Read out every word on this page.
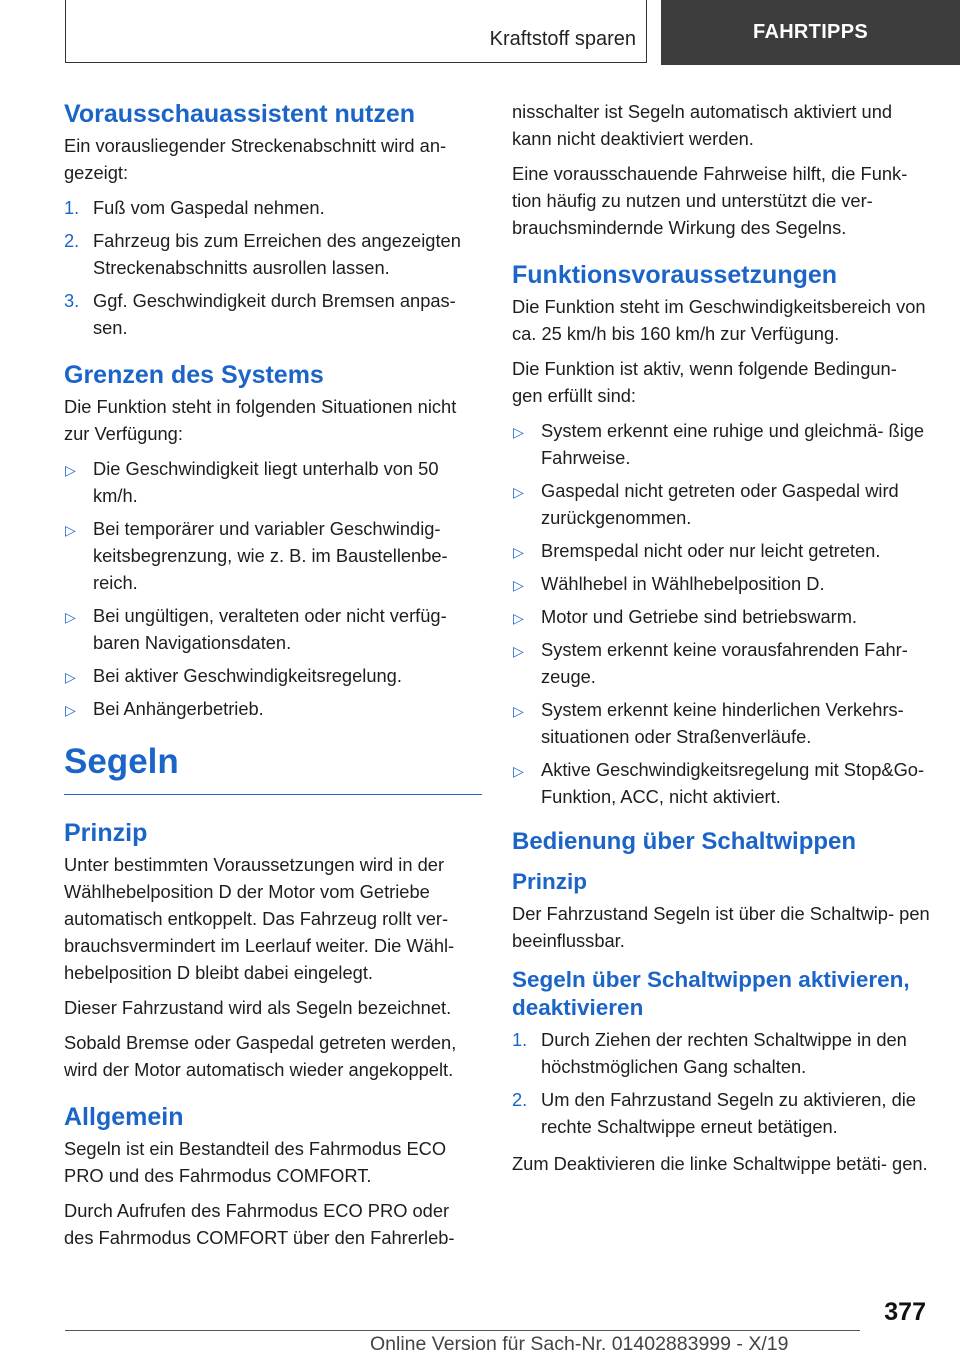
Kraftstoff sparen	FAHRTIPPS
Vorausschauassistent nutzen

Ein vorausliegender Streckenabschnitt wird an- gezeigt:

1. Fuß vom Gaspedal nehmen.
2. Fahrzeug bis zum Erreichen des angezeigten Streckenabschnitts ausrollen lassen.
3. Ggf. Geschwindigkeit durch Bremsen anpas- sen.
Grenzen des Systems

Die Funktion steht in folgenden Situationen nicht zur Verfügung:

▷ Die Geschwindigkeit liegt unterhalb von 50 km/h.
▷ Bei temporärer und variabler Geschwindig- keitsbegrenzung, wie z. B. im Baustellenbe- reich.
▷ Bei ungültigen, veralteten oder nicht verfüg- baren Navigationsdaten.
▷ Bei aktiver Geschwindigkeitsregelung.
▷ Bei Anhängerbetrieb.
Segeln
Prinzip

Unter bestimmten Voraussetzungen wird in der Wählhebelposition D der Motor vom Getriebe automatisch entkoppelt. Das Fahrzeug rollt ver- brauchsvermindert im Leerlauf weiter. Die Wähl- hebelposition D bleibt dabei eingelegt.

Dieser Fahrzustand wird als Segeln bezeichnet.

Sobald Bremse oder Gaspedal getreten werden, wird der Motor automatisch wieder angekoppelt.

Allgemein

Segeln ist ein Bestandteil des Fahrmodus ECO PRO und des Fahrmodus COMFORT.

Durch Aufrufen des Fahrmodus ECO PRO oder des Fahrmodus COMFORT über den Fahrerleb-

nisschalter ist Segeln automatisch aktiviert und kann nicht deaktiviert werden.

Eine vorausschauende Fahrweise hilft, die Funk- tion häufig zu nutzen und unterstützt die ver- brauchsmindernde Wirkung des Segelns.

Funktionsvoraussetzungen

Die Funktion steht im Geschwindigkeitsbereich von ca. 25 km/h bis 160 km/h zur Verfügung.

Die Funktion ist aktiv, wenn folgende Bedingun- gen erfüllt sind:

▷ System erkennt eine ruhige und gleichmä- ßige Fahrweise.
▷ Gaspedal nicht getreten oder Gaspedal wird zurückgenommen.
▷ Bremspedal nicht oder nur leicht getreten.
▷ Wählhebel in Wählhebelposition D.
▷ Motor und Getriebe sind betriebswarm.
▷ System erkennt keine vorausfahrenden Fahr- zeuge.
▷ System erkennt keine hinderlichen Verkehrs- situationen oder Straßenverläufe.
▷ Aktive Geschwindigkeitsregelung mit Stop&Go-Funktion, ACC, nicht aktiviert.
Bedienung über Schaltwippen
Prinzip

Der Fahrzustand Segeln ist über die Schaltwip- pen beeinflussbar.

Segeln über Schaltwippen aktivieren, deaktivieren
1. Durch Ziehen der rechten Schaltwippe in den höchstmöglichen Gang schalten.
2. Um den Fahrzustand Segeln zu aktivieren, die rechte Schaltwippe erneut betätigen.

Zum Deaktivieren die linke Schaltwippe betäti- gen.

377
Online Version für Sach-Nr. 01402883999 - X/19
